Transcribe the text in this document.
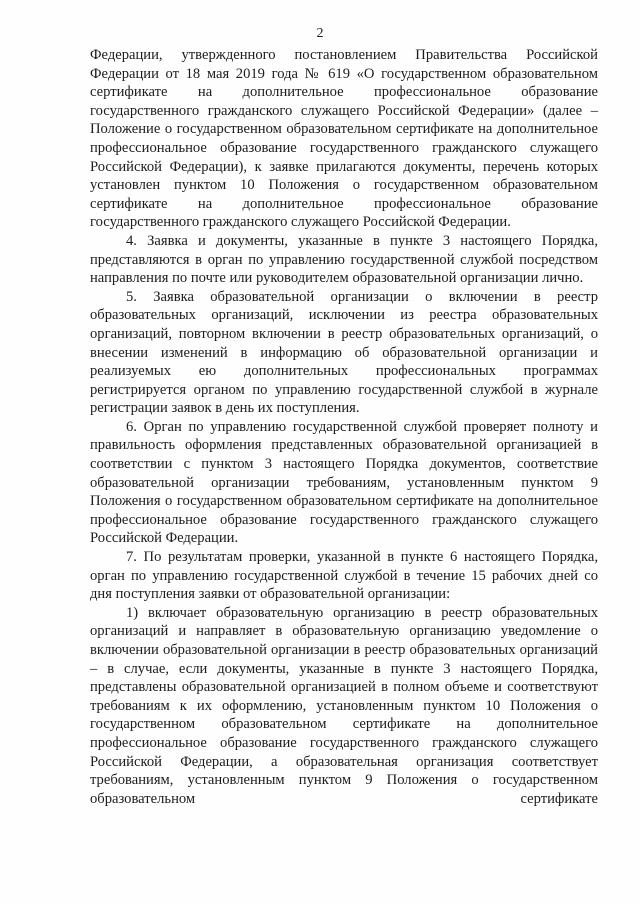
2

Федерации, утвержденного постановлением Правительства Российской Федерации от 18 мая 2019 года № 619 «О государственном образовательном сертификате на дополнительное профессиональное образование государственного гражданского служащего Российской Федерации» (далее – Положение о государственном образовательном сертификате на дополнительное профессиональное образование государственного гражданского служащего Российской Федерации), к заявке прилагаются документы, перечень которых установлен пунктом 10 Положения о государственном образовательном сертификате на дополнительное профессиональное образование государственного гражданского служащего Российской Федерации.

4. Заявка и документы, указанные в пункте 3 настоящего Порядка, представляются в орган по управлению государственной службой посредством направления по почте или руководителем образовательной организации лично.

5. Заявка образовательной организации о включении в реестр образовательных организаций, исключении из реестра образовательных организаций, повторном включении в реестр образовательных организаций, о внесении изменений в информацию об образовательной организации и реализуемых ею дополнительных профессиональных программах регистрируется органом по управлению государственной службой в журнале регистрации заявок в день их поступления.

6. Орган по управлению государственной службой проверяет полноту и правильность оформления представленных образовательной организацией в соответствии с пунктом 3 настоящего Порядка документов, соответствие образовательной организации требованиям, установленным пунктом 9 Положения о государственном образовательном сертификате на дополнительное профессиональное образование государственного гражданского служащего Российской Федерации.

7. По результатам проверки, указанной в пункте 6 настоящего Порядка, орган по управлению государственной службой в течение 15 рабочих дней со дня поступления заявки от образовательной организации:

1) включает образовательную организацию в реестр образовательных организаций и направляет в образовательную организацию уведомление о включении образовательной организации в реестр образовательных организаций – в случае, если документы, указанные в пункте 3 настоящего Порядка, представлены образовательной организацией в полном объеме и соответствуют требованиям к их оформлению, установленным пунктом 10 Положения о государственном образовательном сертификате на дополнительное профессиональное образование государственного гражданского служащего Российской Федерации, а образовательная организация соответствует требованиям, установленным пунктом 9 Положения о государственном образовательном сертификате
